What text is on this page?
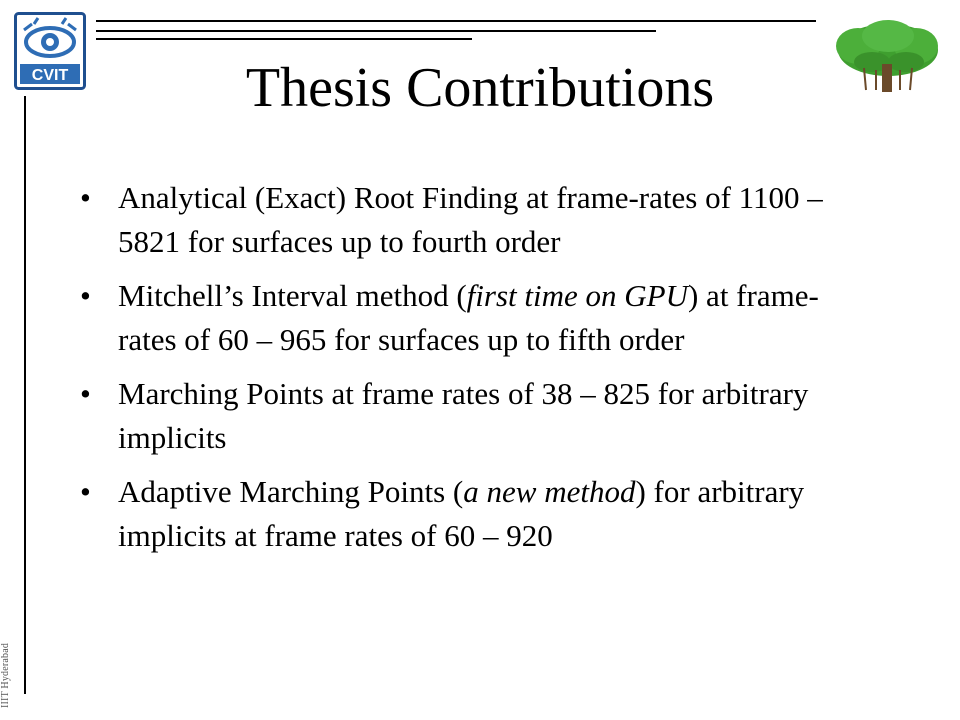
CVIT
IIIT Hyderabad
Thesis Contributions
• Analytical (Exact) Root Finding at frame-rates of 1100 – 5821 for surfaces up to fourth order
• Mitchell’s Interval method (first time on GPU) at frame-rates of 60 – 965 for surfaces up to fifth order
• Marching Points at frame rates of 38 – 825 for arbitrary implicits
• Adaptive Marching Points (a new method) for arbitrary implicits at frame rates of 60 – 920
